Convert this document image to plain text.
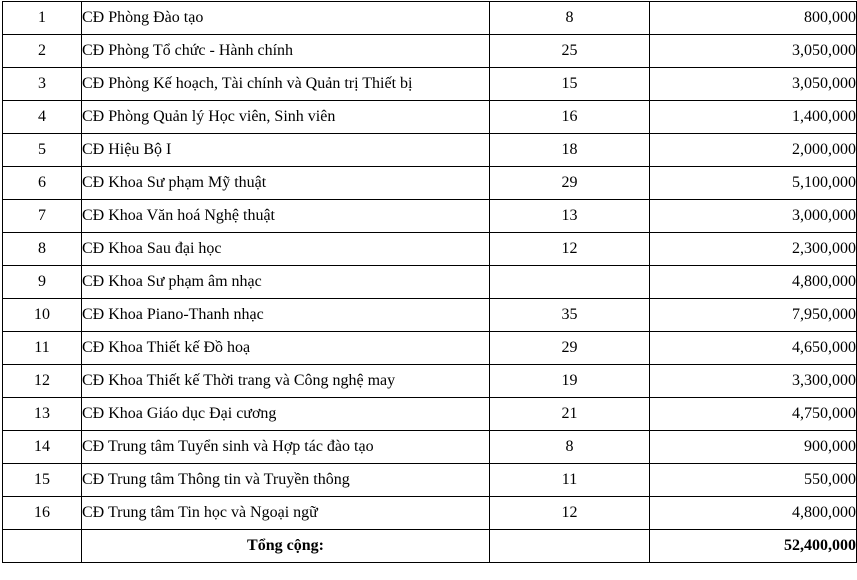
1	CĐ Phòng Đào tạo	8	800,000
2	CĐ Phòng Tổ chức - Hành chính	25	3,050,000
3	CĐ Phòng Kế hoạch, Tài chính và Quản trị Thiết bị	15	3,050,000
4	CĐ Phòng Quản lý Học viên, Sinh viên	16	1,400,000
5	CĐ Hiệu Bộ I	18	2,000,000
6	CĐ Khoa Sư phạm Mỹ thuật	29	5,100,000
7	CĐ Khoa Văn hoá Nghệ thuật	13	3,000,000
8	CĐ Khoa Sau đại học	12	2,300,000
9	CĐ Khoa Sư phạm âm nhạc		4,800,000
10	CĐ Khoa Piano-Thanh nhạc	35	7,950,000
11	CĐ Khoa Thiết kế Đồ hoạ	29	4,650,000
12	CĐ Khoa Thiết kế Thời trang và Công nghệ may	19	3,300,000
13	CĐ Khoa Giáo dục Đại cương	21	4,750,000
14	CĐ Trung tâm Tuyển sinh và Hợp tác đào tạo	8	900,000
15	CĐ Trung tâm Thông tin và Truyền thông	11	550,000
16	CĐ Trung tâm Tin học và Ngoại ngữ	12	4,800,000
	Tổng cộng:		52,400,000
